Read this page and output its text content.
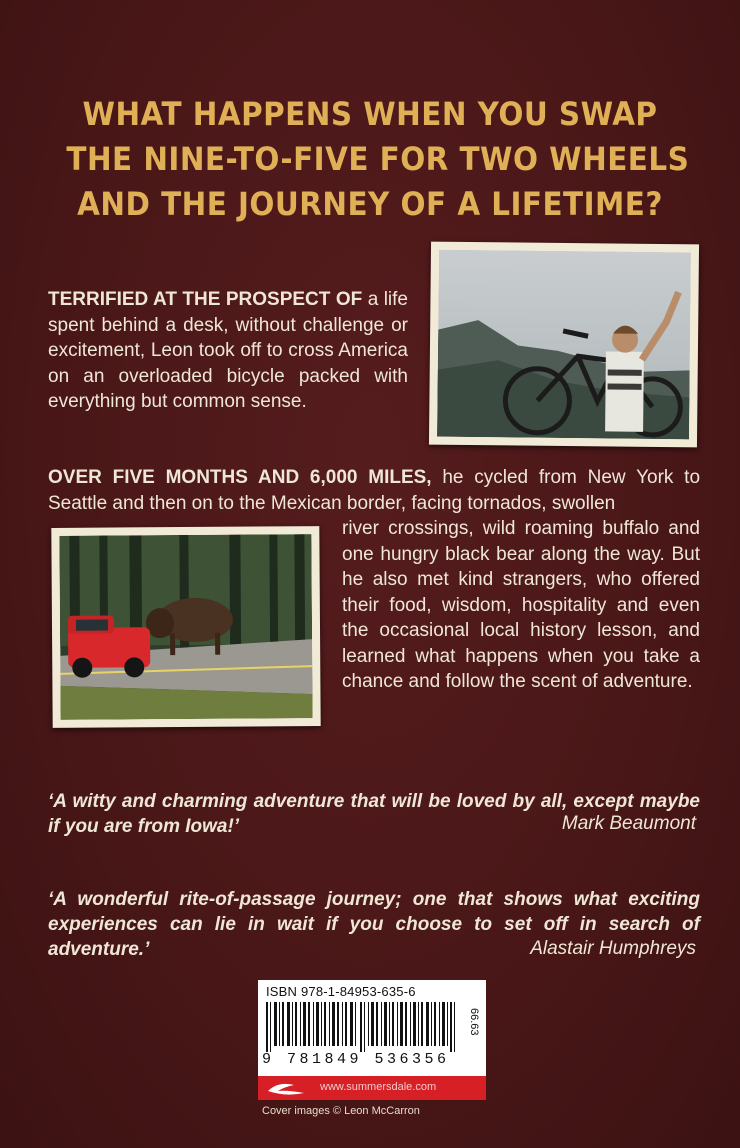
WHAT HAPPENS WHEN YOU SWAP
THE NINE-TO-FIVE FOR TWO WHEELS
AND THE JOURNEY OF A LIFETIME?
TERRIFIED AT THE PROSPECT OF a life spent behind a desk, without challenge or excitement, Leon took off to cross America on an overloaded bicycle packed with everything but common sense.
OVER FIVE MONTHS AND 6,000 MILES, he cycled from New York to Seattle and then on to the Mexican border, facing tornados, swollen
river crossings, wild roaming buffalo and one hungry black bear along the way. But he also met kind strangers, who offered their food, wisdom, hospitality and even the occasional local history lesson, and learned what happens when you take a chance and follow the scent of adventure.
‘A witty and charming adventure that will be loved by all, except maybe if you are from Iowa!’	Mark Beaumont
‘A wonderful rite-of-passage journey; one that shows what exciting experiences can lie in wait if you choose to set off in search of adventure.’	Alastair Humphreys
ISBN 978-1-84953-635-6
66.63
9 781849 536356
www.summersdale.com
Cover images © Leon McCarron
